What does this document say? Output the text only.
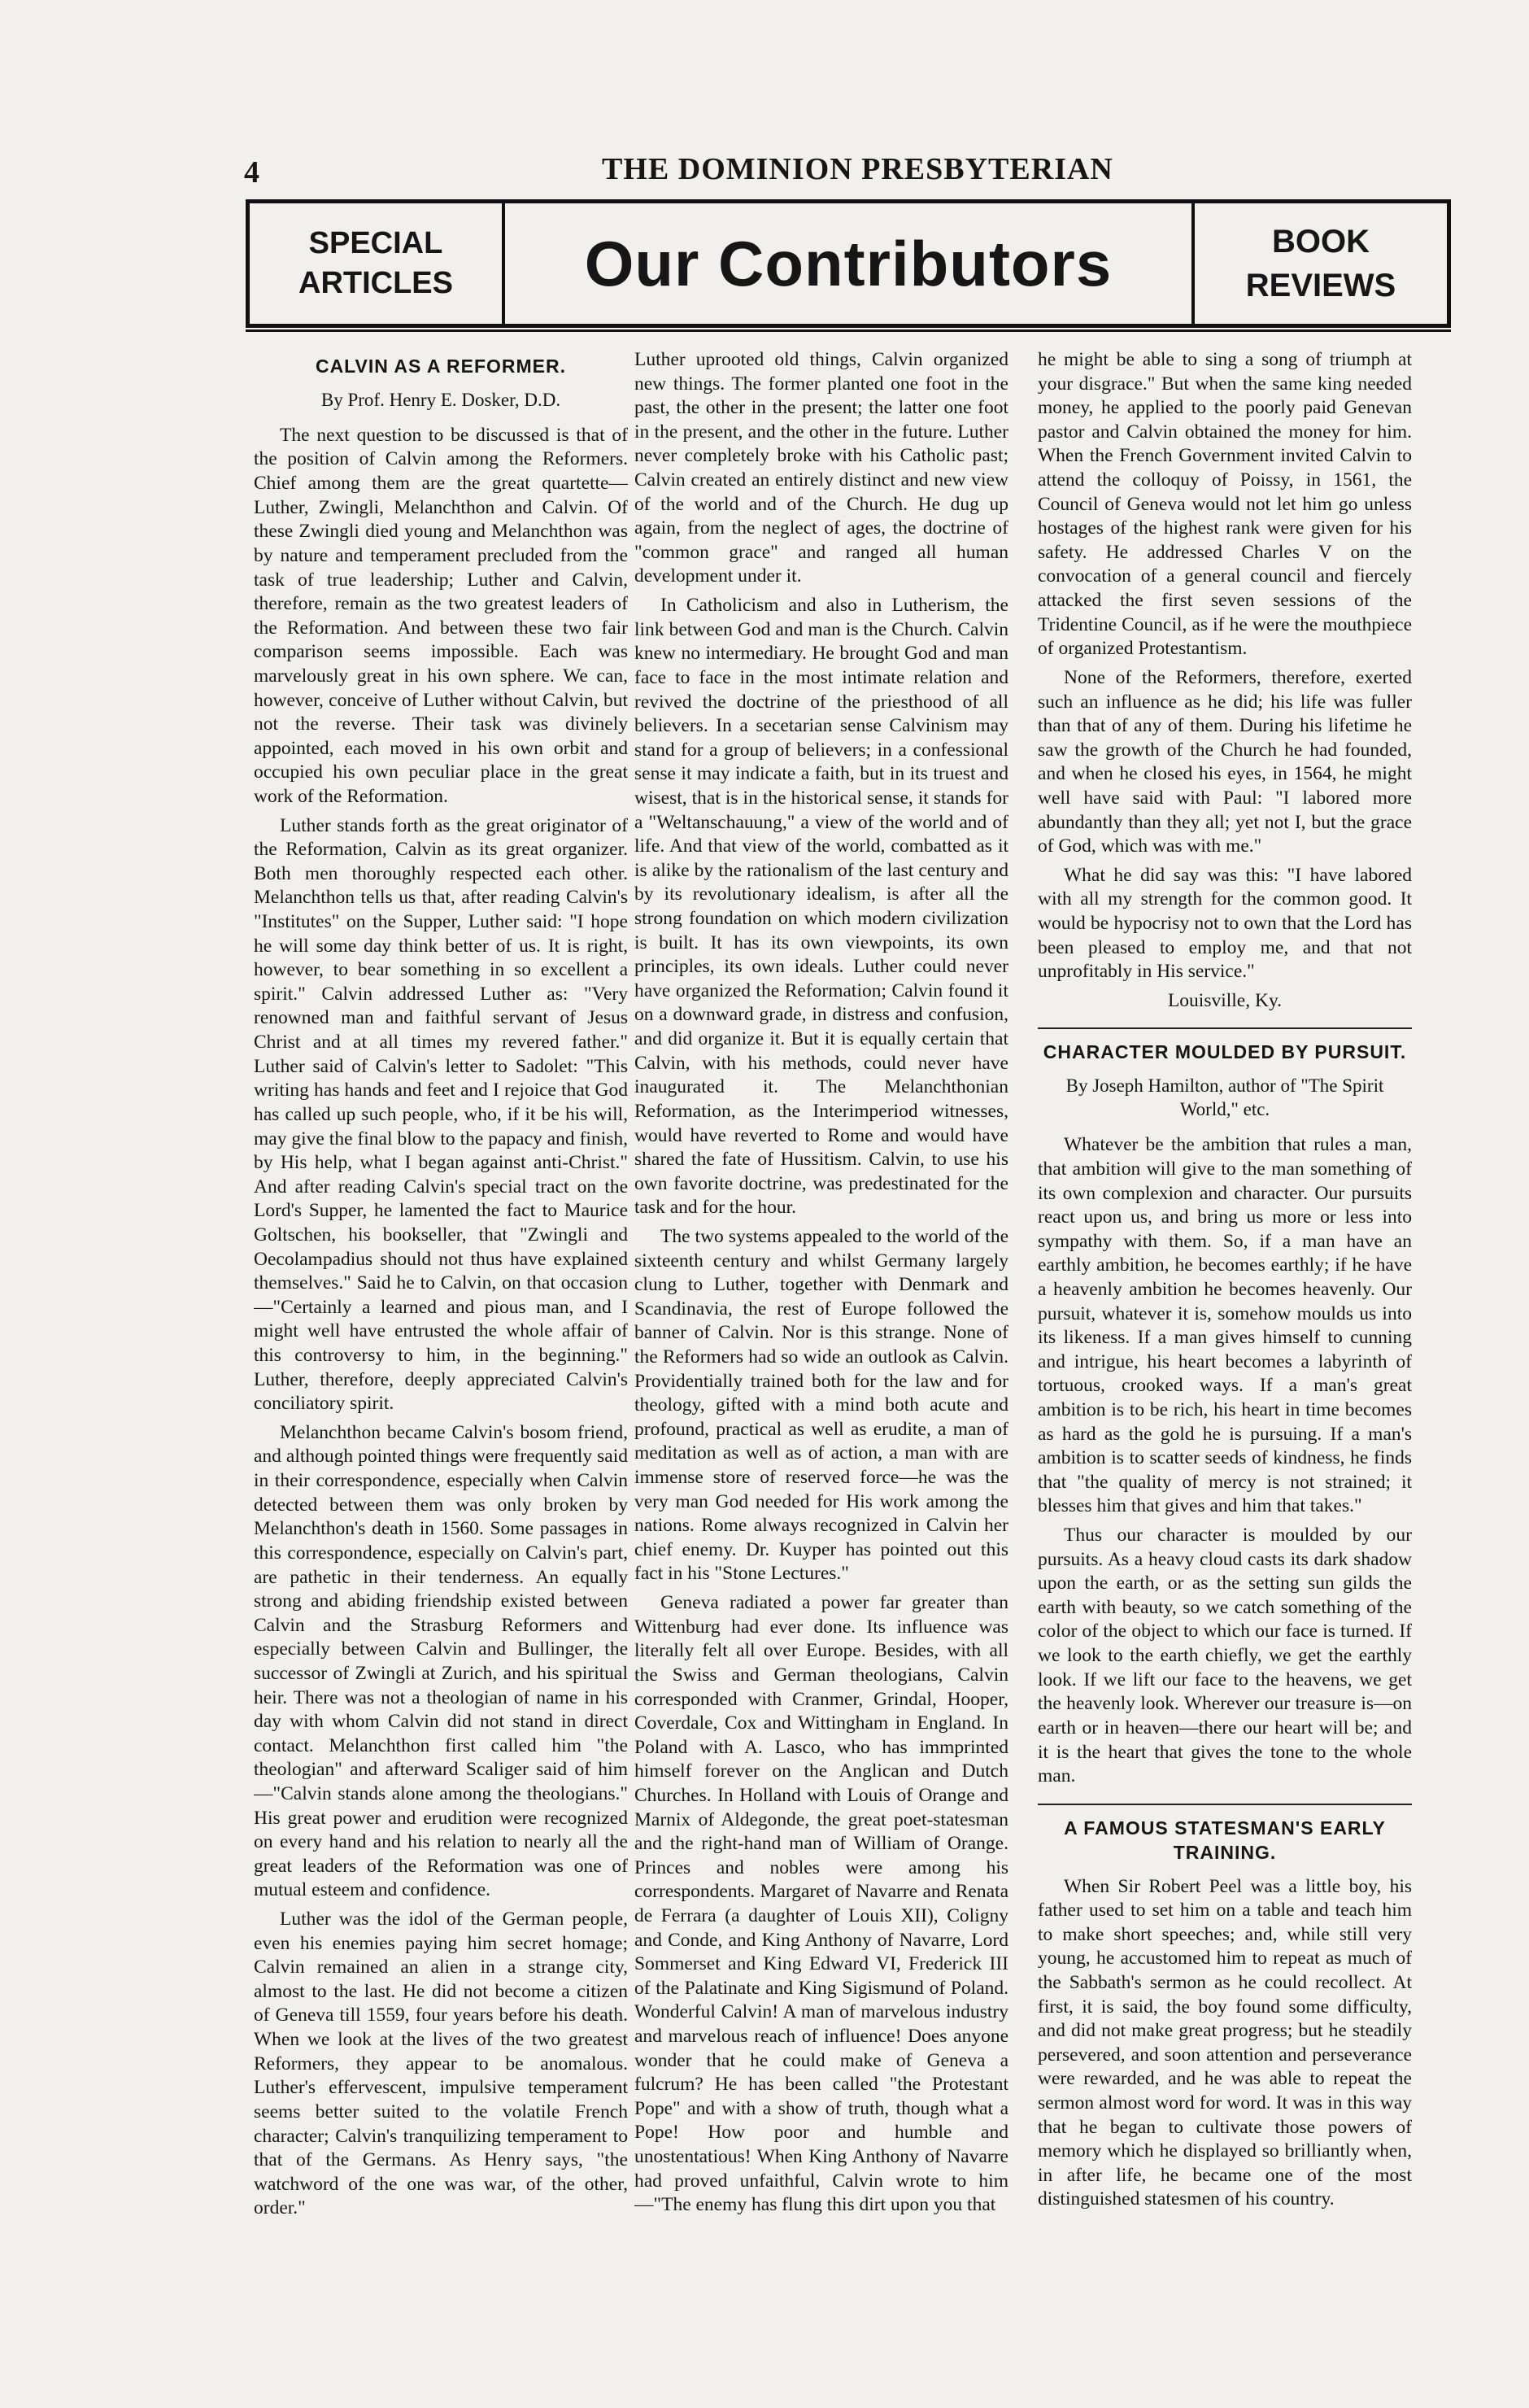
4	THE DOMINION PRESBYTERIAN
SPECIAL
ARTICLES	Our Contributors	BOOK
REVIEWS
CALVIN AS A REFORMER.
By Prof. Henry E. Dosker, D.D.

The next question to be discussed is that of the position of Calvin among the Reformers. Chief among them are the great quartette—Luther, Zwingli, Melanchthon and Calvin. Of these Zwingli died young and Melanchthon was by nature and temperament precluded from the task of true leadership; Luther and Calvin, therefore, remain as the two greatest leaders of the Reformation. And between these two fair comparison seems impossible. Each was marvelously great in his own sphere. We can, however, conceive of Luther without Calvin, but not the reverse. Their task was divinely appointed, each moved in his own orbit and occupied his own peculiar place in the great work of the Reformation.

Luther stands forth as the great originator of the Reformation, Calvin as its great organizer. Both men thoroughly respected each other. Melanchthon tells us that, after reading Calvin's "Institutes" on the Supper, Luther said: "I hope he will some day think better of us. It is right, however, to bear something in so excellent a spirit." Calvin addressed Luther as: "Very renowned man and faithful servant of Jesus Christ and at all times my revered father." Luther said of Calvin's letter to Sadolet: "This writing has hands and feet and I rejoice that God has called up such people, who, if it be his will, may give the final blow to the papacy and finish, by His help, what I began against anti-Christ." And after reading Calvin's special tract on the Lord's Supper, he lamented the fact to Maurice Goltschen, his bookseller, that "Zwingli and Oecolampadius should not thus have explained themselves." Said he to Calvin, on that occasion—"Certainly a learned and pious man, and I might well have entrusted the whole affair of this controversy to him, in the beginning." Luther, therefore, deeply appreciated Calvin's conciliatory spirit.

Melanchthon became Calvin's bosom friend, and although pointed things were frequently said in their correspondence, especially when Calvin detected between them was only broken by Melanchthon's death in 1560. Some passages in this correspondence, especially on Calvin's part, are pathetic in their tenderness. An equally strong and abiding friendship existed between Calvin and the Strasburg Reformers and especially between Calvin and Bullinger, the successor of Zwingli at Zurich, and his spiritual heir. There was not a theologian of name in his day with whom Calvin did not stand in direct contact. Melanchthon first called him "the theologian" and afterward Scaliger said of him —"Calvin stands alone among the theologians." His great power and erudition were recognized on every hand and his relation to nearly all the great leaders of the Reformation was one of mutual esteem and confidence.

Luther was the idol of the German people, even his enemies paying him secret homage; Calvin remained an alien in a strange city, almost to the last. He did not become a citizen of Geneva till 1559, four years before his death. When we look at the lives of the two greatest Reformers, they appear to be anomalous. Luther's effervescent, impulsive temperament seems better suited to the volatile French character; Calvin's tranquilizing temperament to that of the Germans. As Henry says, "the watchword of the one was war, of the other, order."

Luther uprooted old things, Calvin organized new things. The former planted one foot in the past, the other in the present; the latter one foot in the present, and the other in the future. Luther never completely broke with his Catholic past; Calvin created an entirely distinct and new view of the world and of the Church. He dug up again, from the neglect of ages, the doctrine of "common grace" and ranged all human development under it.

In Catholicism and also in Lutherism, the link between God and man is the Church. Calvin knew no intermediary. He brought God and man face to face in the most intimate relation and revived the doctrine of the priesthood of all believers. In a secetarian sense Calvinism may stand for a group of believers; in a confessional sense it may indicate a faith, but in its truest and wisest, that is in the historical sense, it stands for a "Weltanschauung," a view of the world and of life. And that view of the world, combatted as it is alike by the rationalism of the last century and by its revolutionary idealism, is after all the strong foundation on which modern civilization is built. It has its own viewpoints, its own principles, its own ideals. Luther could never have organized the Reformation; Calvin found it on a downward grade, in distress and confusion, and did organize it. But it is equally certain that Calvin, with his methods, could never have inaugurated it. The Melanchthonian Reformation, as the Interimperiod witnesses, would have reverted to Rome and would have shared the fate of Hussitism. Calvin, to use his own favorite doctrine, was predestinated for the task and for the hour.

The two systems appealed to the world of the sixteenth century and whilst Germany largely clung to Luther, together with Denmark and Scandinavia, the rest of Europe followed the banner of Calvin. Nor is this strange. None of the Reformers had so wide an outlook as Calvin. Providentially trained both for the law and for theology, gifted with a mind both acute and profound, practical as well as erudite, a man of meditation as well as of action, a man with are immense store of reserved force—he was the very man God needed for His work among the nations. Rome always recognized in Calvin her chief enemy. Dr. Kuyper has pointed out this fact in his "Stone Lectures."

Geneva radiated a power far greater than Wittenburg had ever done. Its influence was literally felt all over Europe. Besides, with all the Swiss and German theologians, Calvin corresponded with Cranmer, Grindal, Hooper, Coverdale, Cox and Wittingham in England. In Poland with A. Lasco, who has immprinted himself forever on the Anglican and Dutch Churches. In Holland with Louis of Orange and Marnix of Aldegonde, the great poet-statesman and the right-hand man of William of Orange. Princes and nobles were among his correspondents. Margaret of Navarre and Renata de Ferrara (a daughter of Louis XII), Coligny and Conde, and King Anthony of Navarre, Lord Sommerset and King Edward VI, Frederick III of the Palatinate and King Sigismund of Poland. Wonderful Calvin! A man of marvelous industry and marvelous reach of influence! Does anyone wonder that he could make of Geneva a fulcrum? He has been called "the Protestant Pope" and with a show of truth, though what a Pope! How poor and humble and unostentatious! When King Anthony of Navarre had proved unfaithful, Calvin wrote to him—"The enemy has flung this dirt upon you that

he might be able to sing a song of triumph at your disgrace." But when the same king needed money, he applied to the poorly paid Genevan pastor and Calvin obtained the money for him. When the French Government invited Calvin to attend the colloquy of Poissy, in 1561, the Council of Geneva would not let him go unless hostages of the highest rank were given for his safety. He addressed Charles V on the convocation of a general council and fiercely attacked the first seven sessions of the Tridentine Council, as if he were the mouthpiece of organized Protestantism.

None of the Reformers, therefore, exerted such an influence as he did; his life was fuller than that of any of them. During his lifetime he saw the growth of the Church he had founded, and when he closed his eyes, in 1564, he might well have said with Paul: "I labored more abundantly than they all; yet not I, but the grace of God, which was with me."

What he did say was this: "I have labored with all my strength for the common good. It would be hypocrisy not to own that the Lord has been pleased to employ me, and that not unprofitably in His service."

Louisville, Ky.
CHARACTER MOULDED BY PURSUIT.
By Joseph Hamilton, author of "The Spirit World," etc.

Whatever be the ambition that rules a man, that ambition will give to the man something of its own complexion and character. Our pursuits react upon us, and bring us more or less into sympathy with them. So, if a man have an earthly ambition, he becomes earthly; if he have a heavenly ambition he becomes heavenly. Our pursuit, whatever it is, somehow moulds us into its likeness. If a man gives himself to cunning and intrigue, his heart becomes a labyrinth of tortuous, crooked ways. If a man's great ambition is to be rich, his heart in time becomes as hard as the gold he is pursuing. If a man's ambition is to scatter seeds of kindness, he finds that "the quality of mercy is not strained; it blesses him that gives and him that takes."

Thus our character is moulded by our pursuits. As a heavy cloud casts its dark shadow upon the earth, or as the setting sun gilds the earth with beauty, so we catch something of the color of the object to which our face is turned. If we look to the earth chiefly, we get the earthly look. If we lift our face to the heavens, we get the heavenly look. Wherever our treasure is—on earth or in heaven—there our heart will be; and it is the heart that gives the tone to the whole man.

A FAMOUS STATESMAN'S EARLY TRAINING.

When Sir Robert Peel was a little boy, his father used to set him on a table and teach him to make short speeches; and, while still very young, he accustomed him to repeat as much of the Sabbath's sermon as he could recollect. At first, it is said, the boy found some difficulty, and did not make great progress; but he steadily persevered, and soon attention and perseverance were rewarded, and he was able to repeat the sermon almost word for word. It was in this way that he began to cultivate those powers of memory which he displayed so brilliantly when, in after life, he became one of the most distinguished statesmen of his country.
